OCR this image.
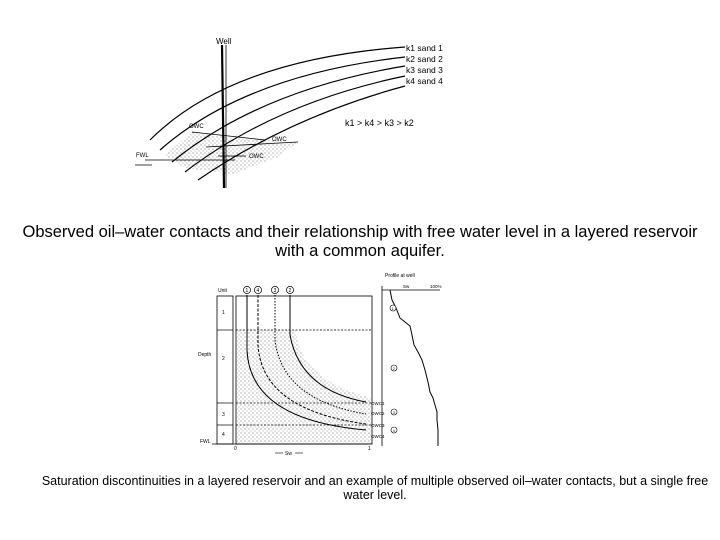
Well
OWC
OWC
OWC
FWL
k1 sand 1
k2 sand 2
k3 sand 3
k4 sand 4
k1 > k4 > k3 > k2
Unit
1
2
3
4
Depth
FWL
1 4	3 2
OWC1
OWC2
OWC3
OWC4
0	1
Sw
Profile at well
Sw	100%
1
2
3
4
Observed oil–water contacts and their relationship with free water level in a layered reservoir with a common aquifer.
Saturation discontinuities in a layered reservoir and an example of multiple observed oil–water contacts, but a single free water level.
